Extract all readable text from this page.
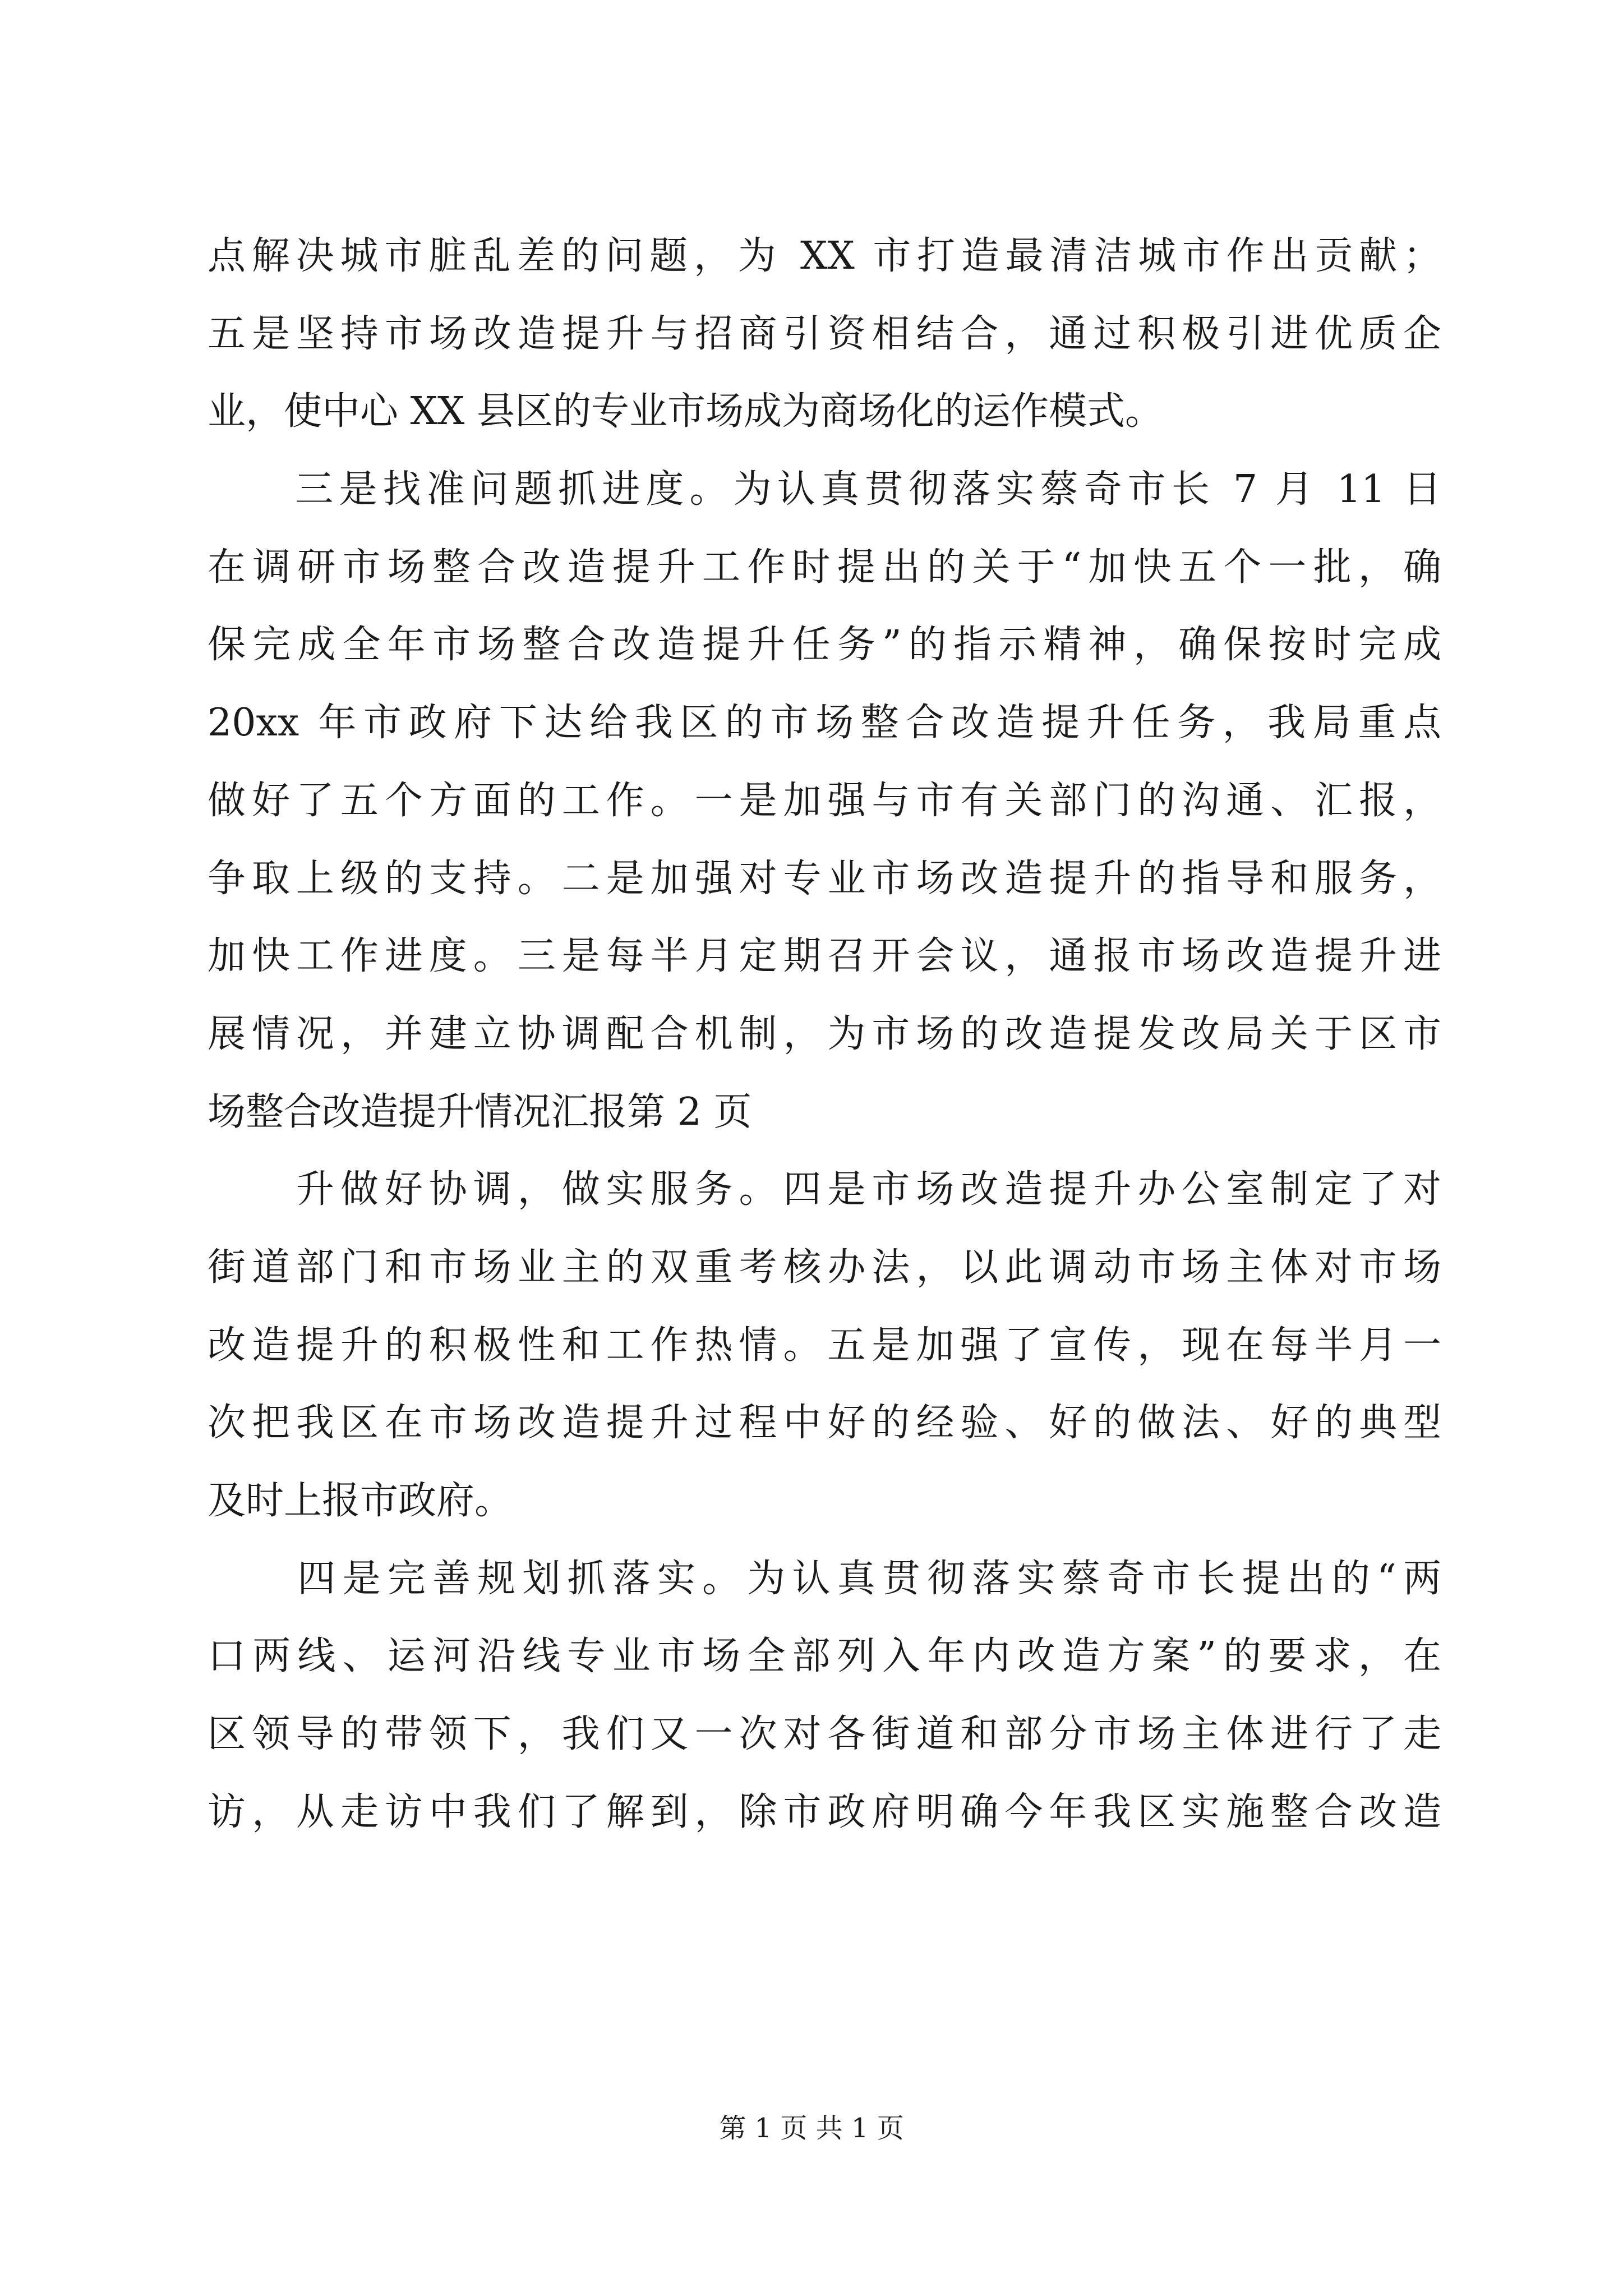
点解决城市脏乱差的问题，为 XX 市打造最清洁城市作出贡献；
五是坚持市场改造提升与招商引资相结合，通过积极引进优质企
业，使中心 XX 县区的专业市场成为商场化的运作模式。
　　三是找准问题抓进度。为认真贯彻落实蔡奇市长 7 月 11 日
在调研市场整合改造提升工作时提出的关于“加快五个一批，确
保完成全年市场整合改造提升任务”的指示精神，确保按时完成
20xx 年市政府下达给我区的市场整合改造提升任务，我局重点
做好了五个方面的工作。一是加强与市有关部门的沟通、汇报，
争取上级的支持。二是加强对专业市场改造提升的指导和服务，
加快工作进度。三是每半月定期召开会议，通报市场改造提升进
展情况，并建立协调配合机制，为市场的改造提发改局关于区市
场整合改造提升情况汇报第 2 页
　　升做好协调，做实服务。四是市场改造提升办公室制定了对
街道部门和市场业主的双重考核办法，以此调动市场主体对市场
改造提升的积极性和工作热情。五是加强了宣传，现在每半月一
次把我区在市场改造提升过程中好的经验、好的做法、好的典型
及时上报市政府。
　　四是完善规划抓落实。为认真贯彻落实蔡奇市长提出的“两
口两线、运河沿线专业市场全部列入年内改造方案”的要求，在
区领导的带领下，我们又一次对各街道和部分市场主体进行了走
访，从走访中我们了解到，除市政府明确今年我区实施整合改造
第 1 页 共 1 页
